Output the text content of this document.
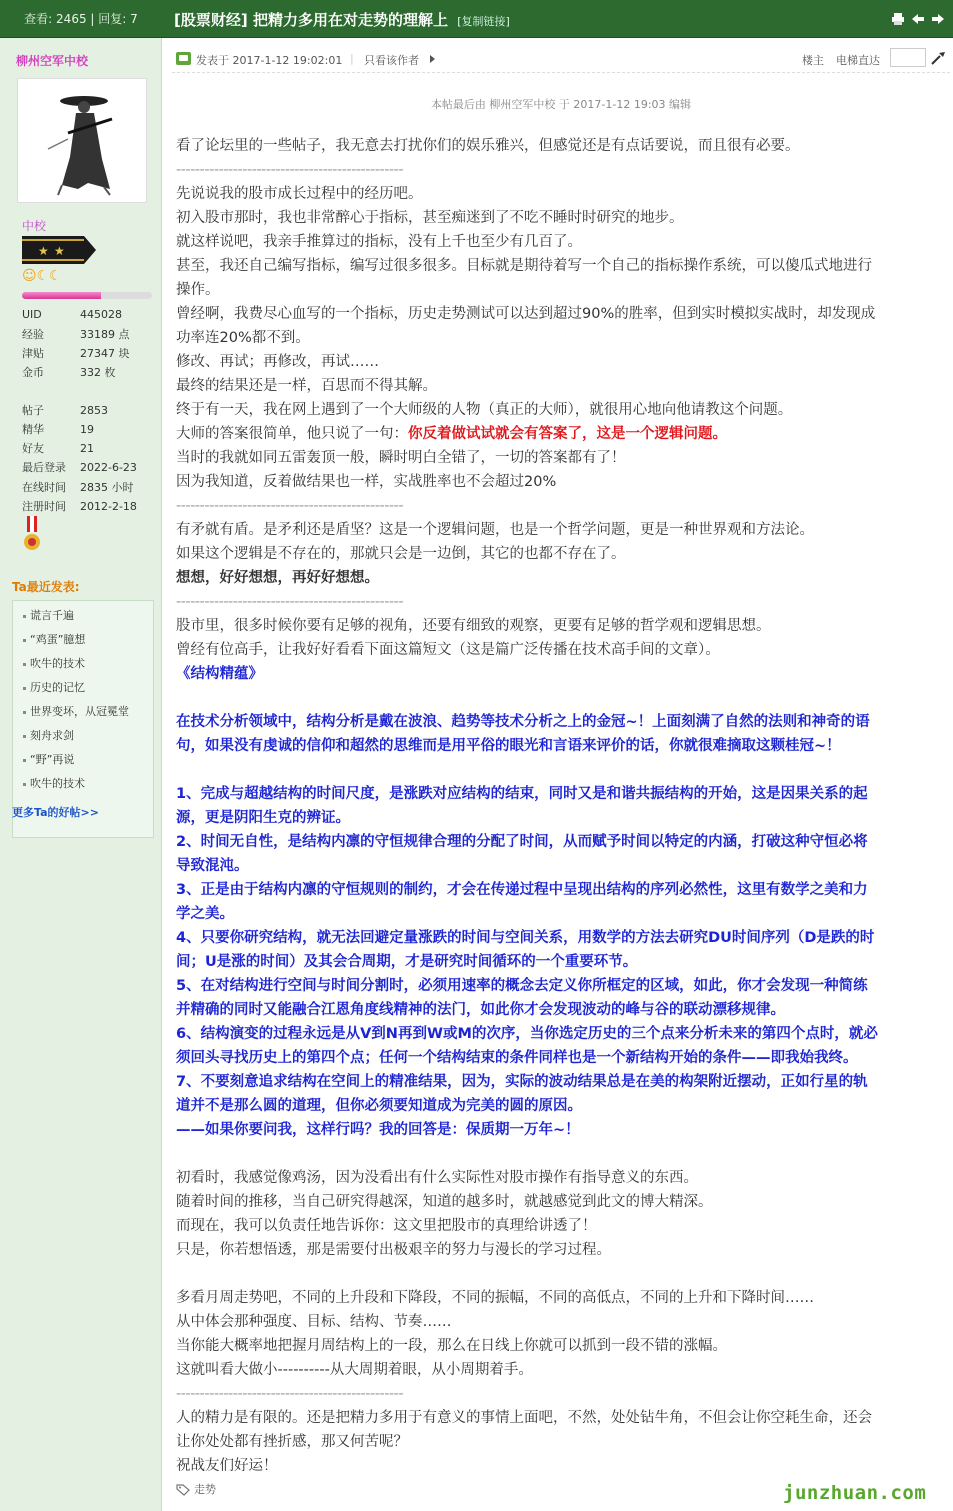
查看: 2465 | 回复: 7	[股票财经] 把精力多用在对走势的理解上 [复制链接]
柳州空军中校
中校
★ ★
☺☾☾
UID	445028
经验	33189 点
津贴	27347 块
金币	332 枚
帖子	2853
精华	19
好友	21
最后登录 2022-6-23
在线时间 2835 小时
注册时间 2012-2-18
Ta最近发表:
谎言千遍
“鸡蛋”臆想
吹牛的技术
历史的记忆
世界变坏，从冠冕堂
刻舟求剑
“野”再说
吹牛的技术
更多Ta的好帖>>
发表于 2017-1-12 19:02:01 | 只看该作者	楼主 电梯直达
本帖最后由 柳州空军中校 于 2017-1-12 19:03 编辑
看了论坛里的一些帖子，我无意去打扰你们的娱乐雅兴，但感觉还是有点话要说，而且很有必要。
------------------------------------------------
先说说我的股市成长过程中的经历吧。
初入股市那时，我也非常醉心于指标，甚至痴迷到了不吃不睡时时研究的地步。
就这样说吧，我亲手推算过的指标，没有上千也至少有几百了。
甚至，我还自己编写指标，编写过很多很多。目标就是期待着写一个自己的指标操作系统，可以傻瓜式地进行
操作。
曾经啊，我费尽心血写的一个指标，历史走势测试可以达到超过90%的胜率，但到实时模拟实战时，却发现成
功率连20%都不到。
修改、再试；再修改，再试……
最终的结果还是一样，百思而不得其解。
终于有一天，我在网上遇到了一个大师级的人物（真正的大师），就很用心地向他请教这个问题。
大师的答案很简单，他只说了一句：你反着做试试就会有答案了，这是一个逻辑问题。
当时的我就如同五雷轰顶一般，瞬时明白全错了，一切的答案都有了！
因为我知道，反着做结果也一样，实战胜率也不会超过20%
------------------------------------------------
有矛就有盾。是矛利还是盾坚？这是一个逻辑问题，也是一个哲学问题，更是一种世界观和方法论。
如果这个逻辑是不存在的，那就只会是一边倒，其它的也都不存在了。
想想，好好想想，再好好想想。
------------------------------------------------
股市里，很多时候你要有足够的视角，还要有细致的观察，更要有足够的哲学观和逻辑思想。
曾经有位高手，让我好好看看下面这篇短文（这是篇广泛传播在技术高手间的文章）。
《结构精蕴》
在技术分析领域中，结构分析是戴在波浪、趋势等技术分析之上的金冠~！上面刻满了自然的法则和神奇的语
句，如果没有虔诚的信仰和超然的思维而是用平俗的眼光和言语来评价的话，你就很难摘取这颗桂冠~！
1、完成与超越结构的时间尺度，是涨跌对应结构的结束，同时又是和谐共振结构的开始，这是因果关系的起
源，更是阴阳生克的辨证。
2、时间无自性，是结构内凛的守恒规律合理的分配了时间，从而赋予时间以特定的内涵，打破这种守恒必将
导致混沌。
3、正是由于结构内凛的守恒规则的制约，才会在传递过程中呈现出结构的序列必然性，这里有数学之美和力
学之美。
4、只要你研究结构，就无法回避定量涨跌的时间与空间关系，用数学的方法去研究DU时间序列（D是跌的时
间；U是涨的时间）及其会合周期，才是研究时间循环的一个重要环节。
5、在对结构进行空间与时间分割时，必须用速率的概念去定义你所框定的区域，如此，你才会发现一种简练
并精确的同时又能融合江恩角度线精神的法门，如此你才会发现波动的峰与谷的联动漂移规律。
6、结构演变的过程永远是从V到N再到W或M的次序，当你选定历史的三个点来分析未来的第四个点时，就必
须回头寻找历史上的第四个点；任何一个结构结束的条件同样也是一个新结构开始的条件——即我始我终。
7、不要刻意追求结构在空间上的精准结果，因为，实际的波动结果总是在美的构架附近摆动，正如行星的轨
道并不是那么圆的道理，但你必须要知道成为完美的圆的原因。
——如果你要问我，这样行吗？我的回答是：保质期一万年~！
初看时，我感觉像鸡汤，因为没看出有什么实际性对股市操作有指导意义的东西。
随着时间的推移，当自己研究得越深，知道的越多时，就越感觉到此文的博大精深。
而现在，我可以负责任地告诉你：这文里把股市的真理给讲透了！
只是，你若想悟透，那是需要付出极艰辛的努力与漫长的学习过程。
多看月周走势吧，不同的上升段和下降段，不同的振幅，不同的高低点，不同的上升和下降时间……
从中体会那种强度、目标、结构、节奏……
当你能大概率地把握月周结构上的一段，那么在日线上你就可以抓到一段不错的涨幅。
这就叫看大做小----------从大周期着眼，从小周期着手。
------------------------------------------------
人的精力是有限的。还是把精力多用于有意义的事情上面吧，不然，处处钻牛角，不但会让你空耗生命，还会
让你处处都有挫折感，那又何苦呢？
祝战友们好运！
走势	junzhuan.com
